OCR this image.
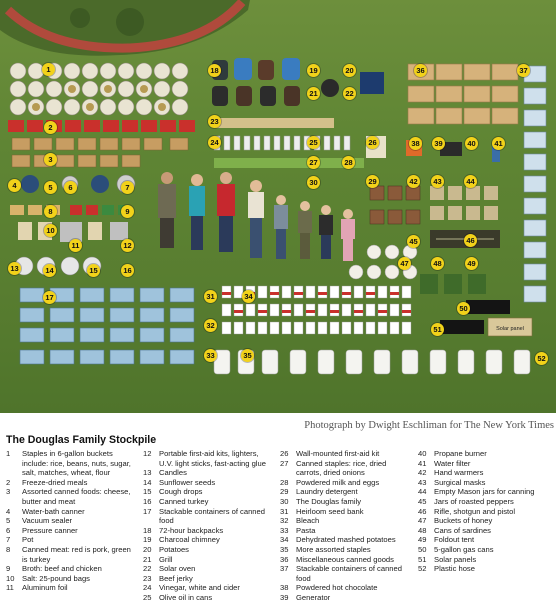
Solar panel
1
2
3
4	5	6	7
8	9
10
11	12
13	14	15	16
17
18	19	20
21	22
23
24	25	26
27	28
29
30
31
32
33
34
35
36	37
38	39	40	41
42	43	44
45	46
47	48	49
50
51
52
Photograph by Dwight Eschliman for The New York Times
The Douglas Family Stockpile
1 Staples in 6-gallon buckets include: rice, beans, nuts, sugar, salt, matches, wheat, flour
2 Freeze-dried meals
3 Assorted canned foods: cheese, butter and meat
4 Water-bath canner
5 Vacuum sealer
6 Pressure canner
7 Pot
8 Canned meat: red is pork, green is turkey
9 Broth: beef and chicken
10 Salt: 25-pound bags
11 Aluminum foil
12 Portable first-aid kits, lighters, U.V. light sticks, fast-acting glue
13 Candles
14 Sunflower seeds
15 Cough drops
16 Canned turkey
17 Stackable containers of canned food
18 72-hour backpacks
19 Charcoal chimney
20 Potatoes
21 Grill
22 Solar oven
23 Beef jerky
24 Vinegar, white and cider
25 Olive oil in cans
26 Wall-mounted first-aid kit
27 Canned staples: rice, dried carrots, dried onions
28 Powdered milk and eggs
29 Laundry detergent
30 The Douglas family
31 Heirloom seed bank
32 Bleach
33 Pasta
34 Dehydrated mashed potatoes
35 More assorted staples
36 Miscellaneous canned goods
37 Stackable containers of canned food
38 Powdered hot chocolate
39 Generator
40 Propane burner
41 Water filter
42 Hand warmers
43 Surgical masks
44 Empty Mason jars for canning
45 Jars of roasted peppers
46 Rifle, shotgun and pistol
47 Buckets of honey
48 Cans of sardines
49 Foldout tent
50 5-gallon gas cans
51 Solar panels
52 Plastic hose
